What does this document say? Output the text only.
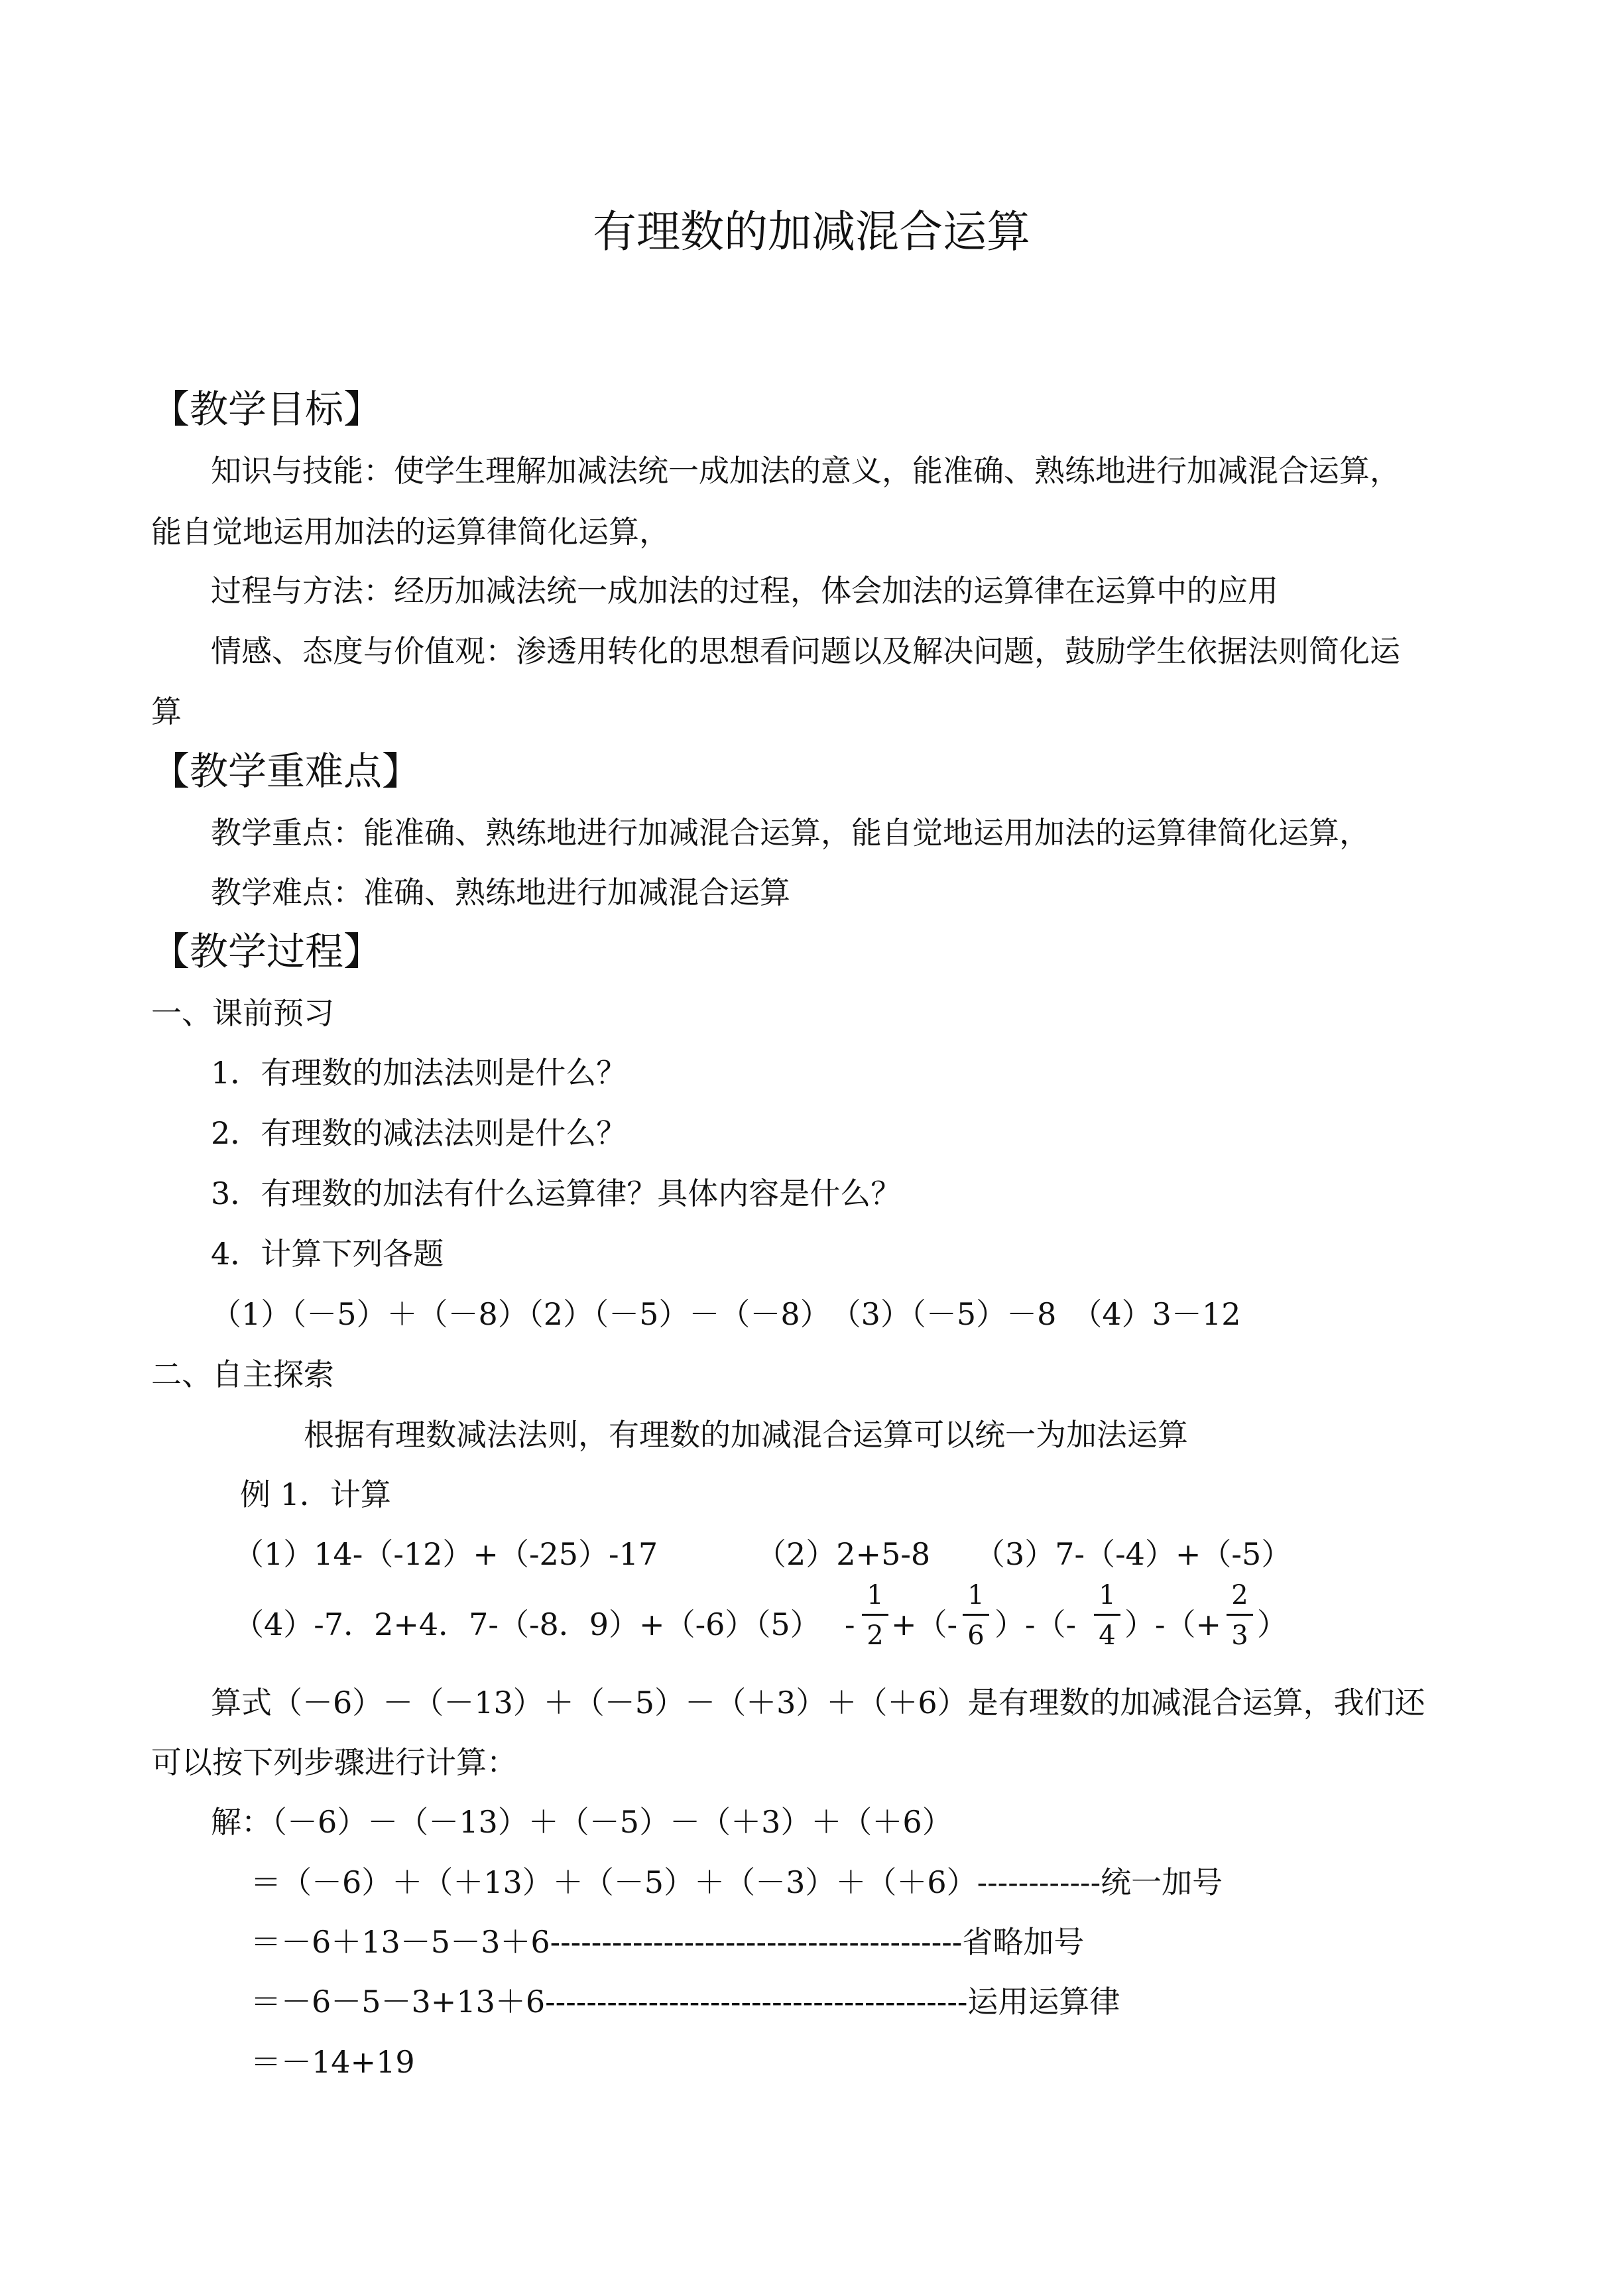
有理数的加减混合运算
【教学目标】
知识与技能：使学生理解加减法统一成加法的意义，能准确、熟练地进行加减混合运算，
能自觉地运用加法的运算律简化运算，
过程与方法：经历加减法统一成加法的过程，体会加法的运算律在运算中的应用
情感、态度与价值观：渗透用转化的思想看问题以及解决问题，鼓励学生依据法则简化运
算
【教学重难点】
教学重点：能准确、熟练地进行加减混合运算，能自觉地运用加法的运算律简化运算，
教学难点：准确、熟练地进行加减混合运算
【教学过程】
一、课前预习
1．有理数的加法法则是什么？
2．有理数的减法法则是什么？
3．有理数的加法有什么运算律？具体内容是什么？
4．计算下列各题
（1）（－5）＋（－8）（2）（－5）－（－8）　（3）（－5）－8　（4）3－12
二、自主探索
根据有理数减法法则，有理数的加减混合运算可以统一为加法运算
例 1．计算
（1）14-（-12）+（-25）-17	（2）2+5-8 （3）7-（-4）+（-5）
（4）-7．2+4．7-（-8．9）+（-6）（5） -
1
2 +（-
1
6 ）-（-
1
4 ）-（+
2
3 ）
算式（－6）－（－13）＋（－5）－（＋3）＋（＋6）是有理数的加减混合运算，我们还
可以按下列步骤进行计算：
解：（－6）－（－13）＋（－5）－（＋3）＋（＋6）
＝（－6）＋（＋13）＋（－5）＋（－3）＋（＋6）------------统一加号
＝－6＋13－5－3＋6----------------------------------------省略加号
＝－6－5－3+13＋6-----------------------------------------运用运算律
＝－14+19
